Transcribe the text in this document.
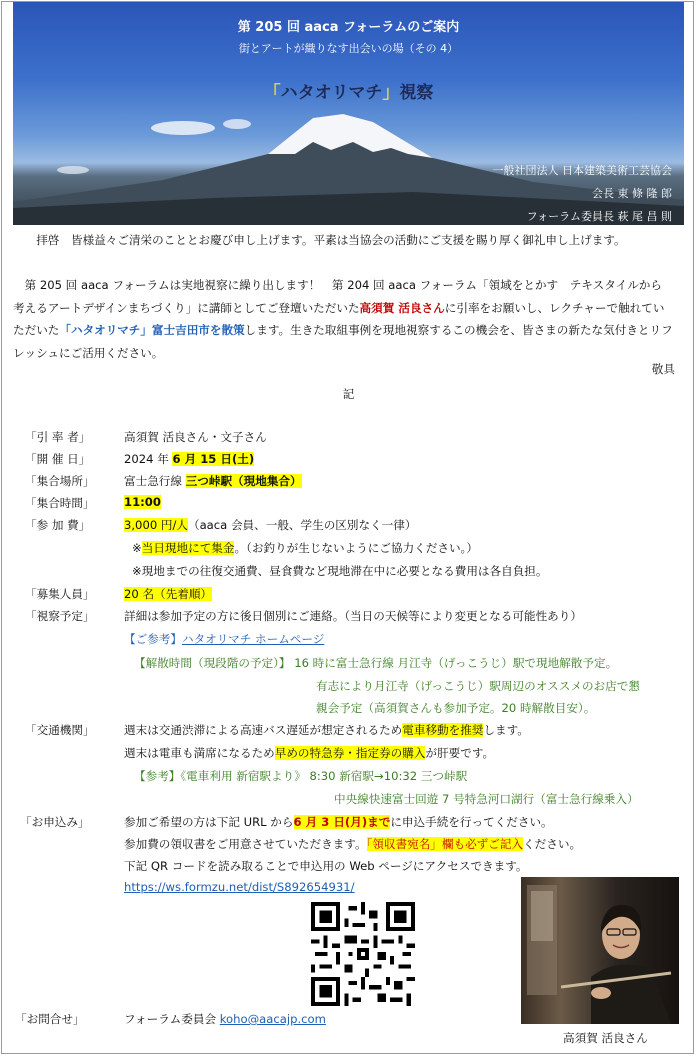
第 205 回 aaca フォーラムのご案内
街とアートが織りなす出会いの場（その 4）
「ハタオリマチ」視察
一般社団法人 日本建築美術工芸協会
会長 東 條 隆 郎
フォーラム委員長 萩 尾 昌 則
拝啓　皆様益々ご清栄のこととお慶び申し上げます。平素は当協会の活動にご支援を賜り厚く御礼申し上げます。
第 205 回 aaca フォーラムは実地視察に繰り出します！　第 204 回 aaca フォーラム「領域をとかす　テキスタイルから考えるアートデザインまちづくり」に講師としてご登壇いただいた高須賀 活良さんに引率をお願いし、レクチャーで触れていただいた「ハタオリマチ」富士吉田市を散策します。生きた取組事例を現地視察するこの機会を、皆さまの新たな気付きとリフレッシュにご活用ください。
敬具
記
「引 率 者」	高須賀 活良さん・文子さん
「開 催 日」	2024 年 6 月 15 日(土)
「集合場所」	富士急行線 三つ峠駅（現地集合）
「集合時間」	11:00
「参 加 費」	3,000 円/人（aaca 会員、一般、学生の区別なく一律）
※当日現地にて集金。（お釣りが生じないようにご協力ください。）
※現地までの往復交通費、昼食費など現地滞在中に必要となる費用は各自負担。
「募集人員」	20 名（先着順）
「視察予定」	詳細は参加予定の方に後日個別にご連絡。（当日の天候等により変更となる可能性あり）
【ご参考】ハタオリマチ ホームページ
【解散時間（現段階の予定）】 16 時に富士急行線 月江寺（げっこうじ）駅で現地解散予定。
有志により月江寺（げっこうじ）駅周辺のオススメのお店で懇
親会予定（高須賀さんも参加予定。20 時解散目安）。
「交通機関」	週末は交通渋滞による高速バス遅延が想定されるため電車移動を推奨します。
週末は電車も満席になるため早めの特急券・指定券の購入が肝要です。
【参考】《電車利用 新宿駅より》 8:30 新宿駅→10:32 三つ峠駅
中央線快速富士回遊 7 号特急河口湖行（富士急行線乗入）
「お申込み」	参加ご希望の方は下記 URL から6 月 3 日(月)までに申込手続を行ってください。
参加費の領収書をご用意させていただきます。「領収書宛名」欄も必ずご記入ください。
下記 QR コードを読み取ることで申込用の Web ページにアクセスできます。
https://ws.formzu.net/dist/S892654931/
高須賀 活良さん
「お問合せ」	フォーラム委員会 koho@aacajp.com
